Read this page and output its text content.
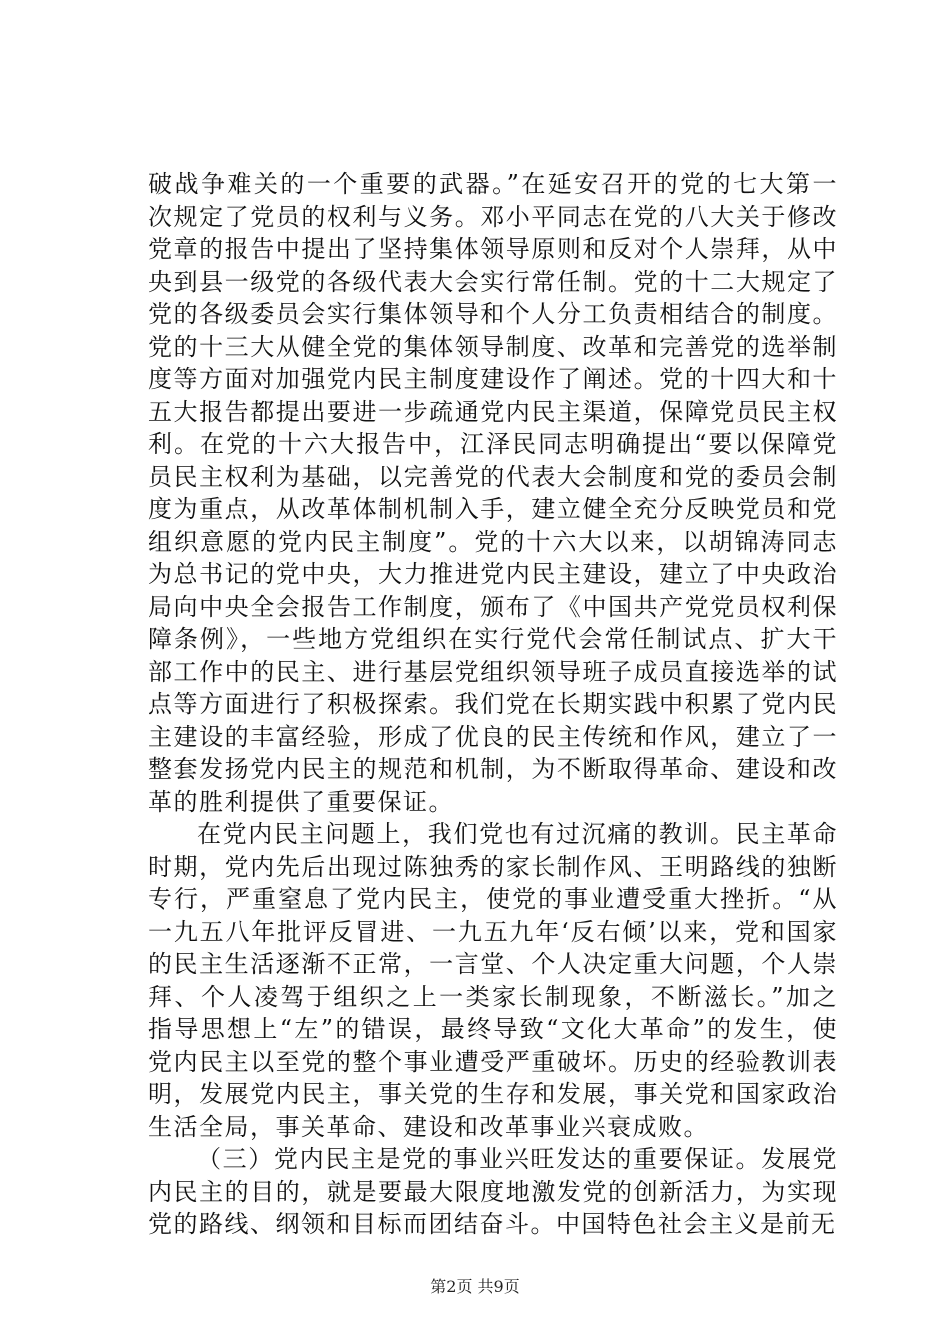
破战争难关的一个重要的武器。”在延安召开的党的七大第一次规定了党员的权利与义务。邓小平同志在党的八大关于修改党章的报告中提出了坚持集体领导原则和反对个人崇拜，从中央到县一级党的各级代表大会实行常任制。党的十二大规定了党的各级委员会实行集体领导和个人分工负责相结合的制度。党的十三大从健全党的集体领导制度、改革和完善党的选举制度等方面对加强党内民主制度建设作了阐述。党的十四大和十五大报告都提出要进一步疏通党内民主渠道，保障党员民主权利。在党的十六大报告中，江泽民同志明确提出“要以保障党员民主权利为基础，以完善党的代表大会制度和党的委员会制度为重点，从改革体制机制入手，建立健全充分反映党员和党组织意愿的党内民主制度”。党的十六大以来，以胡锦涛同志为总书记的党中央，大力推进党内民主建设，建立了中央政治局向中央全会报告工作制度，颁布了《中国共产党党员权利保障条例》，一些地方党组织在实行党代会常任制试点、扩大干部工作中的民主、进行基层党组织领导班子成员直接选举的试点等方面进行了积极探索。我们党在长期实践中积累了党内民主建设的丰富经验，形成了优良的民主传统和作风，建立了一整套发扬党内民主的规范和机制，为不断取得革命、建设和改革的胜利提供了重要保证。

在党内民主问题上，我们党也有过沉痛的教训。民主革命时期，党内先后出现过陈独秀的家长制作风、王明路线的独断专行，严重窒息了党内民主，使党的事业遭受重大挫折。“从一九五八年批评反冒进、一九五九年‘反右倾’以来，党和国家的民主生活逐渐不正常，一言堂、个人决定重大问题，个人崇拜、个人凌驾于组织之上一类家长制现象，不断滋长。”加之指导思想上“左”的错误，最终导致“文化大革命”的发生，使党内民主以至党的整个事业遭受严重破坏。历史的经验教训表明，发展党内民主，事关党的生存和发展，事关党和国家政治生活全局，事关革命、建设和改革事业兴衰成败。

（三）党内民主是党的事业兴旺发达的重要保证。发展党内民主的目的，就是要最大限度地激发党的创新活力，为实现党的路线、纲领和目标而团结奋斗。中国特色社会主义是前无

第2页 共9页
